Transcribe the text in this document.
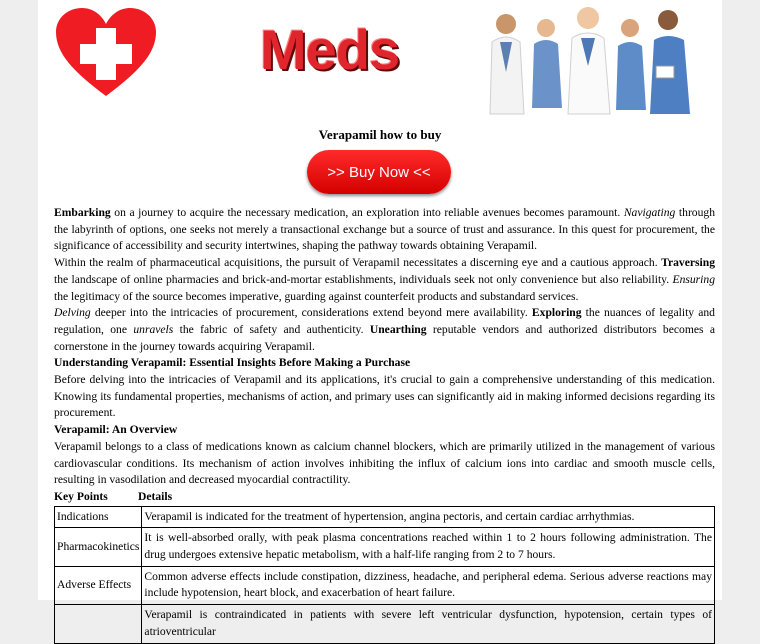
Meds
Verapamil how to buy
>> Buy Now <<

Embarking on a journey to acquire the necessary medication, an exploration into reliable avenues becomes paramount. Navigating through the labyrinth of options, one seeks not merely a transactional exchange but a source of trust and assurance. In this quest for procurement, the significance of accessibility and security intertwines, shaping the pathway towards obtaining Verapamil.

Within the realm of pharmaceutical acquisitions, the pursuit of Verapamil necessitates a discerning eye and a cautious approach. Traversing the landscape of online pharmacies and brick-and-mortar establishments, individuals seek not only convenience but also reliability. Ensuring the legitimacy of the source becomes imperative, guarding against counterfeit products and substandard services.

Delving deeper into the intricacies of procurement, considerations extend beyond mere availability. Exploring the nuances of legality and regulation, one unravels the fabric of safety and authenticity. Unearthing reputable vendors and authorized distributors becomes a cornerstone in the journey towards acquiring Verapamil.

Understanding Verapamil: Essential Insights Before Making a Purchase

Before delving into the intricacies of Verapamil and its applications, it's crucial to gain a comprehensive understanding of this medication. Knowing its fundamental properties, mechanisms of action, and primary uses can significantly aid in making informed decisions regarding its procurement.

Verapamil: An Overview

Verapamil belongs to a class of medications known as calcium channel blockers, which are primarily utilized in the management of various cardiovascular conditions. Its mechanism of action involves inhibiting the influx of calcium ions into cardiac and smooth muscle cells, resulting in vasodilation and decreased myocardial contractility.

Key Points	Details
Indications	Verapamil is indicated for the treatment of hypertension, angina pectoris, and certain cardiac arrhythmias.
Pharmacokinetics	It is well-absorbed orally, with peak plasma concentrations reached within 1 to 2 hours following administration. The drug undergoes extensive hepatic metabolism, with a half-life ranging from 2 to 7 hours.
Adverse Effects	Common adverse effects include constipation, dizziness, headache, and peripheral edema. Serious adverse reactions may include hypotension, heart block, and exacerbation of heart failure.
	Verapamil is contraindicated in patients with severe left ventricular dysfunction, hypotension, certain types of atrioventricular
